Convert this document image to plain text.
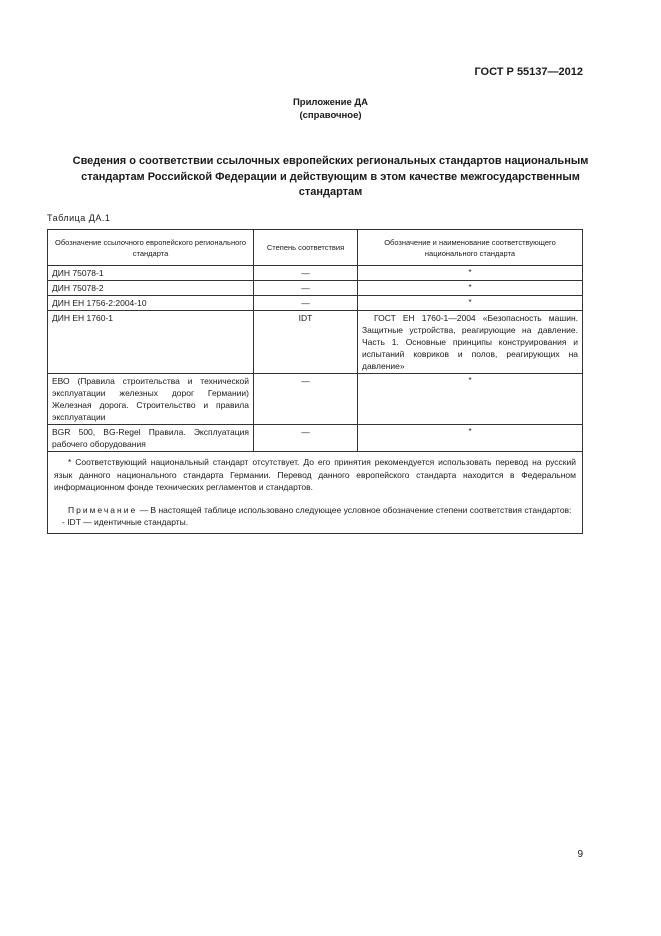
ГОСТ Р 55137—2012
Приложение ДА
(справочное)
Сведения о соответствии ссылочных европейских региональных стандартов национальным стандартам Российской Федерации и действующим в этом качестве межгосударственным стандартам
Таблица ДА.1
Обозначение ссылочного европейского регионального стандарта	Степень соответствия	Обозначение и наименование соответствующего национального стандарта
ДИН 75078-1	—	*
ДИН 75078-2	—	*
ДИН ЕН 1756-2:2004-10	—	*
ДИН ЕН 1760-1	IDT	ГОСТ ЕН 1760-1—2004 «Безопасность машин. Защитные устройства, реагирующие на давление. Часть 1. Основные принципы конструирования и испытаний ковриков и полов, реагирующих на давление»
ЕВО (Правила строительства и технической эксплуатации железных дорог Германии) Железная дорога. Строительство и правила эксплуатации	—	*
BGR 500, BG-Regel Правила. Эксплуатация рабочего оборудования	—	*

* Соответствующий национальный стандарт отсутствует. До его принятия рекомендуется использовать перевод на русский язык данного национального стандарта Германии. Перевод данного европейского стандарта находится в Федеральном информационном фонде технических регламентов и стандартов.

Примечание — В настоящей таблице использовано следующее условное обозначение степени соответствия стандартов:

- IDT — идентичные стандарты.		

9
